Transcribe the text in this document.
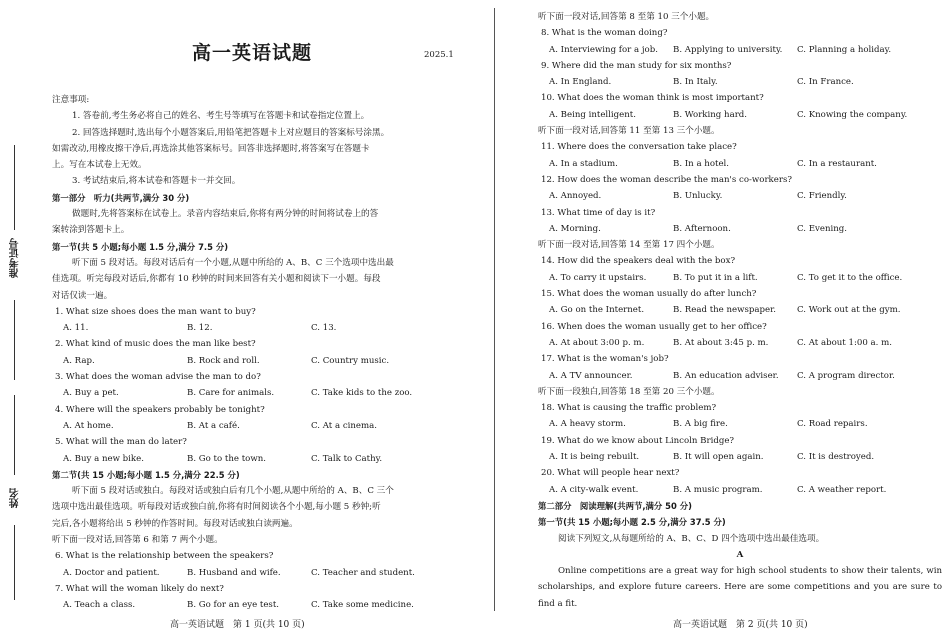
准考证号
姓名
高一英语试题	2025.1
注意事项:
1. 答卷前,考生务必将自己的姓名、考生号等填写在答题卡和试卷指定位置上。
2. 回答选择题时,选出每个小题答案后,用铅笔把答题卡上对应题目的答案标号涂黑。
如需改动,用橡皮擦干净后,再选涂其他答案标号。回答非选择题时,将答案写在答题卡
上。写在本试卷上无效。
3. 考试结束后,将本试卷和答题卡一并交回。
第一部分　听力(共两节,满分 30 分)
做题时,先将答案标在试卷上。录音内容结束后,你将有两分钟的时间将试卷上的答
案转涂到答题卡上。
第一节(共 5 小题;每小题 1.5 分,满分 7.5 分)
听下面 5 段对话。每段对话后有一个小题,从题中所给的 A、B、C 三个选项中选出最
佳选项。听完每段对话后,你都有 10 秒钟的时间来回答有关小题和阅读下一小题。每段
对话仅读一遍。
1. What size shoes does the man want to buy?
A. 11.	B. 12.	C. 13.
2. What kind of music does the man like best?
A. Rap.	B. Rock and roll.	C. Country music.
3. What does the woman advise the man to do?
A. Buy a pet.	B. Care for animals.	C. Take kids to the zoo.
4. Where will the speakers probably be tonight?
A. At home.	B. At a café.	C. At a cinema.
5. What will the man do later?
A. Buy a new bike.	B. Go to the town.	C. Talk to Cathy.
第二节(共 15 小题;每小题 1.5 分,满分 22.5 分)
听下面 5 段对话或独白。每段对话或独白后有几个小题,从题中所给的 A、B、C 三个
选项中选出最佳选项。听每段对话或独白前,你将有时间阅读各个小题,每小题 5 秒钟;听
完后,各小题将给出 5 秒钟的作答时间。每段对话或独白读两遍。
听下面一段对话,回答第 6 和第 7 两个小题。
6. What is the relationship between the speakers?
A. Doctor and patient.	B. Husband and wife.	C. Teacher and student.
7. What will the woman likely do next?
A. Teach a class.	B. Go for an eye test.	C. Take some medicine.
高一英语试题　第 1 页(共 10 页)
听下面一段对话,回答第 8 至第 10 三个小题。
8. What is the woman doing?
A. Interviewing for a job.	B. Applying to university.	C. Planning a holiday.
9. Where did the man study for six months?
A. In England.	B. In Italy.	C. In France.
10. What does the woman think is most important?
A. Being intelligent.	B. Working hard.	C. Knowing the company.
听下面一段对话,回答第 11 至第 13 三个小题。
11. Where does the conversation take place?
A. In a stadium.	B. In a hotel.	C. In a restaurant.
12. How does the woman describe the man's co-workers?
A. Annoyed.	B. Unlucky.	C. Friendly.
13. What time of day is it?
A. Morning.	B. Afternoon.	C. Evening.
听下面一段对话,回答第 14 至第 17 四个小题。
14. How did the speakers deal with the box?
A. To carry it upstairs.	B. To put it in a lift.	C. To get it to the office.
15. What does the woman usually do after lunch?
A. Go on the Internet.	B. Read the newspaper.	C. Work out at the gym.
16. When does the woman usually get to her office?
A. At about 3:00 p. m.	B. At about 3:45 p. m.	C. At about 1:00 a. m.
17. What is the woman's job?
A. A TV announcer.	B. An education adviser.	C. A program director.
听下面一段独白,回答第 18 至第 20 三个小题。
18. What is causing the traffic problem?
A. A heavy storm.	B. A big fire.	C. Road repairs.
19. What do we know about Lincoln Bridge?
A. It is being rebuilt.	B. It will open again.	C. It is destroyed.
20. What will people hear next?
A. A city-walk event.	B. A music program.	C. A weather report.
第二部分　阅读理解(共两节,满分 50 分)
第一节(共 15 小题;每小题 2.5 分,满分 37.5 分)
阅读下列短文,从每题所给的 A、B、C、D 四个选项中选出最佳选项。
A
Online competitions are a great way for high school students to show their talents, win scholarships, and explore future careers. Here are some competitions and you are sure to find a fit.
高一英语试题　第 2 页(共 10 页)
